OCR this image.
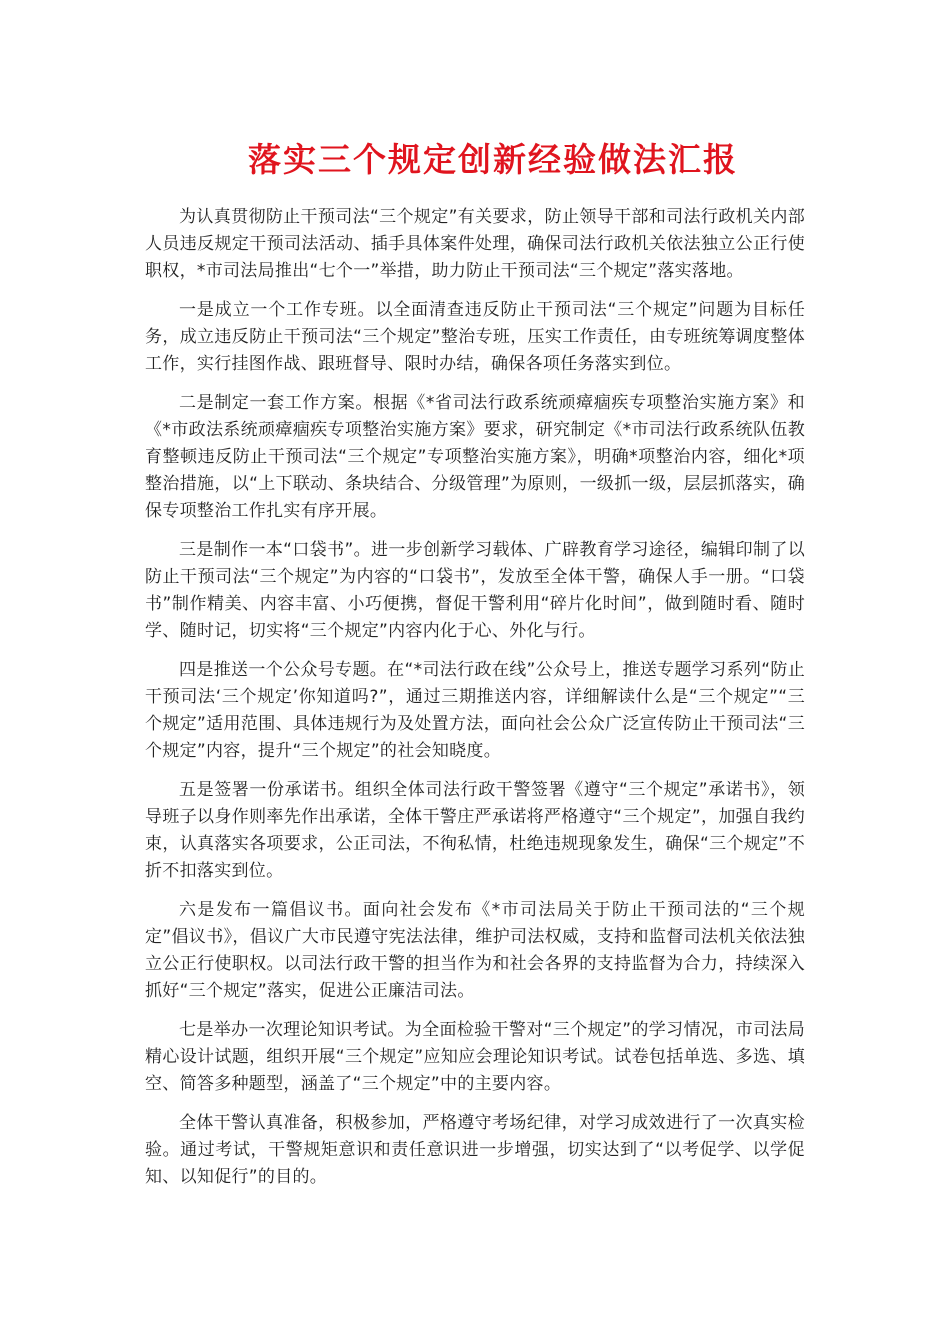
落实三个规定创新经验做法汇报

为认真贯彻防止干预司法“三个规定”有关要求，防止领导干部和司法行政机关内部人员违反规定干预司法活动、插手具体案件处理，确保司法行政机关依法独立公正行使职权，*市司法局推出“七个一”举措，助力防止干预司法“三个规定”落实落地。

一是成立一个工作专班。以全面清查违反防止干预司法“三个规定”问题为目标任务，成立违反防止干预司法“三个规定”整治专班，压实工作责任，由专班统筹调度整体工作，实行挂图作战、跟班督导、限时办结，确保各项任务落实到位。

二是制定一套工作方案。根据《*省司法行政系统顽瘴痼疾专项整治实施方案》和《*市政法系统顽瘴痼疾专项整治实施方案》要求，研究制定《*市司法行政系统队伍教育整顿违反防止干预司法“三个规定”专项整治实施方案》，明确*项整治内容，细化*项整治措施，以“上下联动、条块结合、分级管理”为原则，一级抓一级，层层抓落实，确保专项整治工作扎实有序开展。

三是制作一本“口袋书”。进一步创新学习载体、广辟教育学习途径，编辑印制了以防止干预司法“三个规定”为内容的“口袋书”，发放至全体干警，确保人手一册。“口袋书”制作精美、内容丰富、小巧便携，督促干警利用“碎片化时间”，做到随时看、随时学、随时记，切实将“三个规定”内容内化于心、外化与行。

四是推送一个公众号专题。在“*司法行政在线”公众号上，推送专题学习系列“防止干预司法‘三个规定’你知道吗?”，通过三期推送内容，详细解读什么是“三个规定”“三个规定”适用范围、具体违规行为及处置方法，面向社会公众广泛宣传防止干预司法“三个规定”内容，提升“三个规定”的社会知晓度。

五是签署一份承诺书。组织全体司法行政干警签署《遵守“三个规定”承诺书》，领导班子以身作则率先作出承诺，全体干警庄严承诺将严格遵守“三个规定”，加强自我约束，认真落实各项要求，公正司法，不徇私情，杜绝违规现象发生，确保“三个规定”不折不扣落实到位。

六是发布一篇倡议书。面向社会发布《*市司法局关于防止干预司法的“三个规定”倡议书》，倡议广大市民遵守宪法法律，维护司法权威，支持和监督司法机关依法独立公正行使职权。以司法行政干警的担当作为和社会各界的支持监督为合力，持续深入抓好“三个规定”落实，促进公正廉洁司法。

七是举办一次理论知识考试。为全面检验干警对“三个规定”的学习情况，市司法局精心设计试题，组织开展“三个规定”应知应会理论知识考试。试卷包括单选、多选、填空、简答多种题型，涵盖了“三个规定”中的主要内容。

全体干警认真准备，积极参加，严格遵守考场纪律，对学习成效进行了一次真实检验。通过考试，干警规矩意识和责任意识进一步增强，切实达到了“以考促学、以学促知、以知促行”的目的。
